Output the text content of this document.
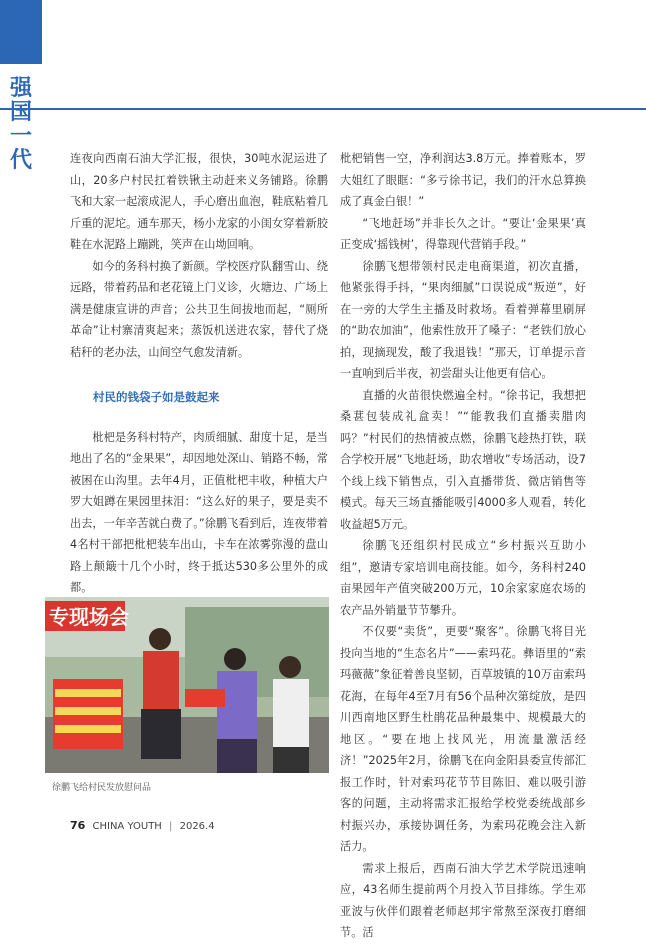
强
国
一
代	连夜向西南石油大学汇报，很快，30吨水泥运进了山，20多户村民扛着铁锹主动赶来义务铺路。徐鹏飞和大家一起滚成泥人，手心磨出血泡，鞋底粘着几斤重的泥坨。通车那天，杨小龙家的小闺女穿着新胶鞋在水泥路上蹦跳，笑声在山坳回响。

如今的务科村换了新颜。学校医疗队翻雪山、绕远路，带着药品和老花镜上门义诊，火塘边、广场上满是健康宣讲的声音；公共卫生间拔地而起，“厕所革命”让村寨清爽起来；蒸饭机送进农家，替代了烧秸秆的老办法，山间空气愈发清新。

村民的钱袋子如是鼓起来

枇杷是务科村特产，肉质细腻、甜度十足，是当地出了名的“金果果”，却因地处深山、销路不畅，常被困在山沟里。去年4月，正值枇杷丰收，种植大户罗大姐蹲在果园里抹泪：“这么好的果子，要是卖不出去，一年辛苦就白费了。”徐鹏飞看到后，连夜带着4名村干部把枇杷装车出山，卡车在浓雾弥漫的盘山路上颠簸十几个小时，终于抵达530多公里外的成都。

专现场会
徐鹏飞给村民发放慰问品

枇杷销售一空，净利润达3.8万元。捧着账本，罗大姐红了眼眶：“多亏徐书记，我们的汗水总算换成了真金白银！”

“飞地赶场”并非长久之计。“要让‘金果果’真正变成‘摇钱树’，得靠现代营销手段。”

徐鹏飞想带领村民走电商渠道，初次直播，他紧张得手抖，“果肉细腻”口误说成“叛逆”，好在一旁的大学生主播及时救场。看着弹幕里刷屏的“助农加油”，他索性放开了嗓子：“老铁们放心拍，现摘现发，酸了我退钱！”那天，订单提示音一直响到后半夜，初尝甜头让他更有信心。

直播的火苗很快燃遍全村。“徐书记，我想把桑葚包装成礼盒卖！”“能教我们直播卖腊肉吗？”村民们的热情被点燃，徐鹏飞趁热打铁，联合学校开展“飞地赶场，助农增收”专场活动，设7个线上线下销售点，引入直播带货、微店销售等模式。每天三场直播能吸引4000多人观看，转化收益超5万元。

徐鹏飞还组织村民成立“乡村振兴互助小组”，邀请专家培训电商技能。如今，务科村240亩果园年产值突破200万元，10余家家庭农场的农产品外销量节节攀升。

不仅要“卖货”，更要“聚客”。徐鹏飞将目光投向当地的“生态名片”——索玛花。彝语里的“索玛薇薇”象征着善良坚韧，百草坡镇的10万亩索玛花海，在每年4至7月有56个品种次第绽放，是四川西南地区野生杜鹃花品种最集中、规模最大的地区。“要在地上找风光，用流量激活经济！”2025年2月，徐鹏飞在向金阳县委宣传部汇报工作时，针对索玛花节节目陈旧、难以吸引游客的问题，主动将需求汇报给学校党委统战部乡村振兴办，承接协调任务，为索玛花晚会注入新活力。

需求上报后，西南石油大学艺术学院迅速响应，43名师生提前两个月投入节目排练。学生邓亚波与伙伴们跟着老师赵邦宇常熬至深夜打磨细节。活

76 CHINA YOUTH | 2026.4
